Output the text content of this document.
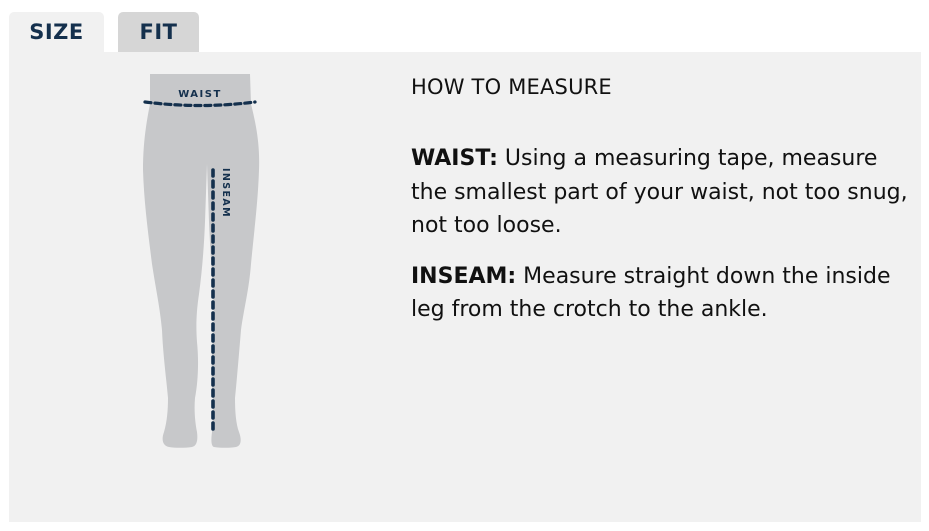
SIZE	FIT
WAIST
INSEAM
HOW TO MEASURE

WAIST: Using a measuring tape, measure the smallest part of your waist, not too snug, not too loose.

INSEAM: Measure straight down the inside leg from the crotch to the ankle.
